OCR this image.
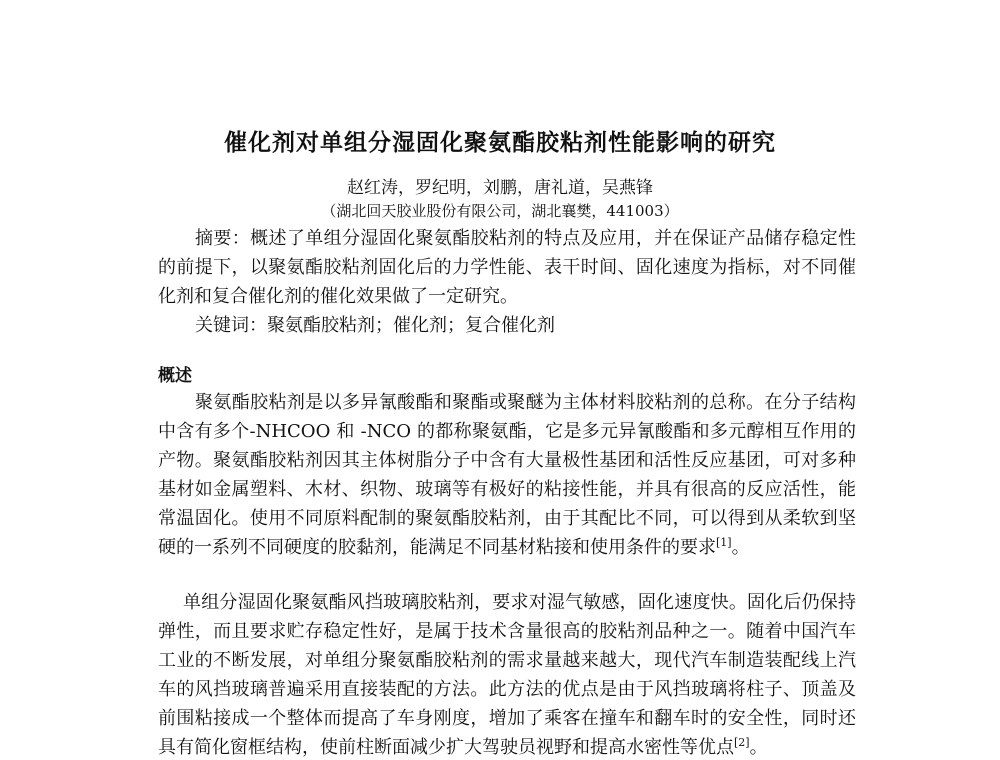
催化剂对单组分湿固化聚氨酯胶粘剂性能影响的研究
赵红涛，罗纪明，刘鹏，唐礼道，吴燕锋
（湖北回天胶业股份有限公司，湖北襄樊，441003）

摘要：概述了单组分湿固化聚氨酯胶粘剂的特点及应用，并在保证产品储存稳定性的前提下，以聚氨酯胶粘剂固化后的力学性能、表干时间、固化速度为指标，对不同催化剂和复合催化剂的催化效果做了一定研究。

关键词：聚氨酯胶粘剂；催化剂；复合催化剂

概述

聚氨酯胶粘剂是以多异氰酸酯和聚酯或聚醚为主体材料胶粘剂的总称。在分子结构中含有多个-NHCOO 和 -NCO 的都称聚氨酯，它是多元异氰酸酯和多元醇相互作用的产物。聚氨酯胶粘剂因其主体树脂分子中含有大量极性基团和活性反应基团，可对多种基材如金属塑料、木材、织物、玻璃等有极好的粘接性能，并具有很高的反应活性，能常温固化。使用不同原料配制的聚氨酯胶粘剂，由于其配比不同，可以得到从柔软到坚硬的一系列不同硬度的胶黏剂，能满足不同基材粘接和使用条件的要求[1]。

单组分湿固化聚氨酯风挡玻璃胶粘剂，要求对湿气敏感，固化速度快。固化后仍保持弹性，而且要求贮存稳定性好，是属于技术含量很高的胶粘剂品种之一。随着中国汽车工业的不断发展，对单组分聚氨酯胶粘剂的需求量越来越大，现代汽车制造装配线上汽车的风挡玻璃普遍采用直接装配的方法。此方法的优点是由于风挡玻璃将柱子、顶盖及前围粘接成一个整体而提高了车身刚度，增加了乘客在撞车和翻车时的安全性，同时还具有简化窗框结构，使前柱断面减少扩大驾驶员视野和提高水密性等优点[2]。
